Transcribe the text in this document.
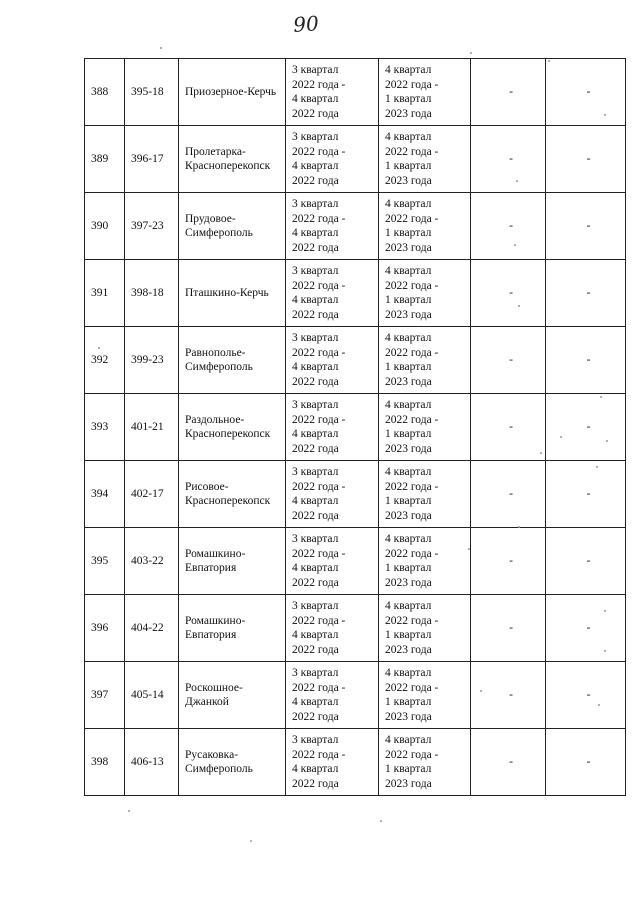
90
388	395-18	Приозерное-Керчь	3 квартал
2022 года -
4 квартал
2022 года	4 квартал
2022 года -
1 квартал
2023 года	-	-
389	396-17	Пролетарка-
Красноперекопск	3 квартал
2022 года -
4 квартал
2022 года	4 квартал
2022 года -
1 квартал
2023 года	-	-
390	397-23	Прудовое-
Симферополь	3 квартал
2022 года -
4 квартал
2022 года	4 квартал
2022 года -
1 квартал
2023 года	-	-
391	398-18	Пташкино-Керчь	3 квартал
2022 года -
4 квартал
2022 года	4 квартал
2022 года -
1 квартал
2023 года	-	-
392	399-23	Равнополье-
Симферополь	3 квартал
2022 года -
4 квартал
2022 года	4 квартал
2022 года -
1 квартал
2023 года	-	-
393	401-21	Раздольное-
Красноперекопск	3 квартал
2022 года -
4 квартал
2022 года	4 квартал
2022 года -
1 квартал
2023 года	-	-
394	402-17	Рисовое-
Красноперекопск	3 квартал
2022 года -
4 квартал
2022 года	4 квартал
2022 года -
1 квартал
2023 года	-	-
395	403-22	Ромашкино-
Евпатория	3 квартал
2022 года -
4 квартал
2022 года	4 квартал
2022 года -
1 квартал
2023 года	-	-
396	404-22	Ромашкино-
Евпатория	3 квартал
2022 года -
4 квартал
2022 года	4 квартал
2022 года -
1 квартал
2023 года	-	-
397	405-14	Роскошное-
Джанкой	3 квартал
2022 года -
4 квартал
2022 года	4 квартал
2022 года -
1 квартал
2023 года	-	-
398	406-13	Русаковка-
Симферополь	3 квартал
2022 года -
4 квартал
2022 года	4 квартал
2022 года -
1 квартал
2023 года	-	-
